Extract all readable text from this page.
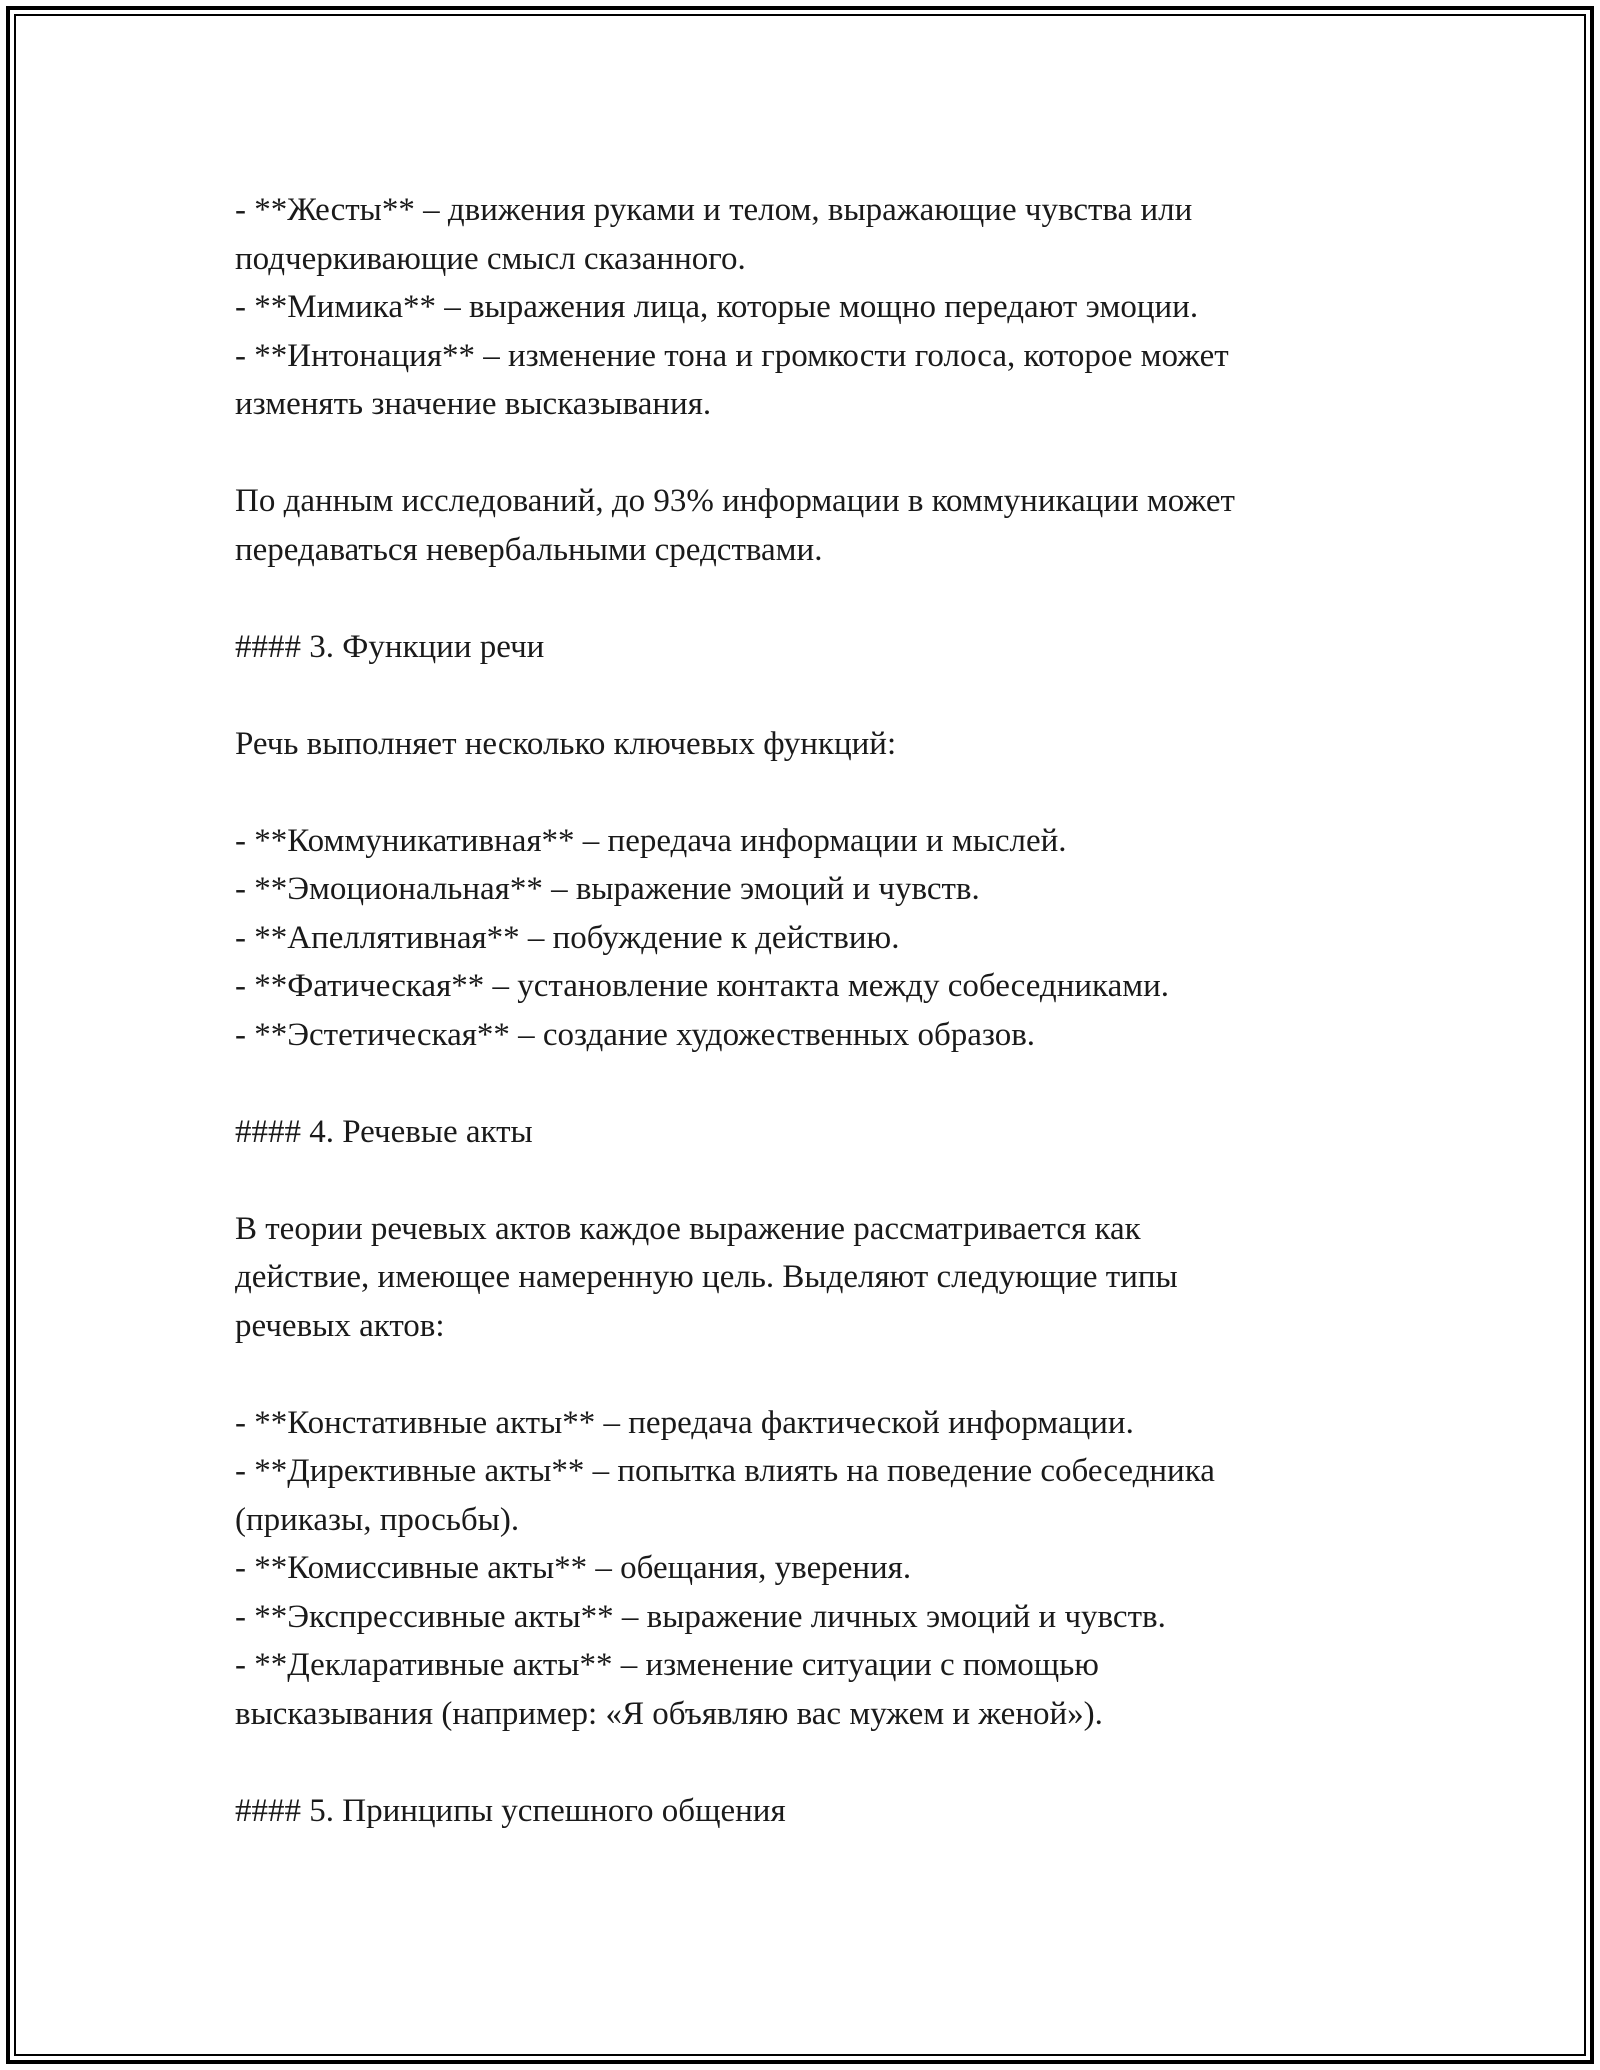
- **Жесты** – движения руками и телом, выражающие чувства или

подчеркивающие смысл сказанного.

- **Мимика** – выражения лица, которые мощно передают эмоции.

- **Интонация** – изменение тона и громкости голоса, которое может

изменять значение высказывания.

По данным исследований, до 93% информации в коммуникации может

передаваться невербальными средствами.

#### 3. Функции речи

Речь выполняет несколько ключевых функций:

- **Коммуникативная** – передача информации и мыслей.

- **Эмоциональная** – выражение эмоций и чувств.

- **Апеллятивная** – побуждение к действию.

- **Фатическая** – установление контакта между собеседниками.

- **Эстетическая** – создание художественных образов.

#### 4. Речевые акты

В теории речевых актов каждое выражение рассматривается как

действие, имеющее намеренную цель. Выделяют следующие типы

речевых актов:

- **Констативные акты** – передача фактической информации.

- **Директивные акты** – попытка влиять на поведение собеседника

(приказы, просьбы).

- **Комиссивные акты** – обещания, уверения.

- **Экспрессивные акты** – выражение личных эмоций и чувств.

- **Декларативные акты** – изменение ситуации с помощью

высказывания (например: «Я объявляю вас мужем и женой»).

#### 5. Принципы успешного общения
